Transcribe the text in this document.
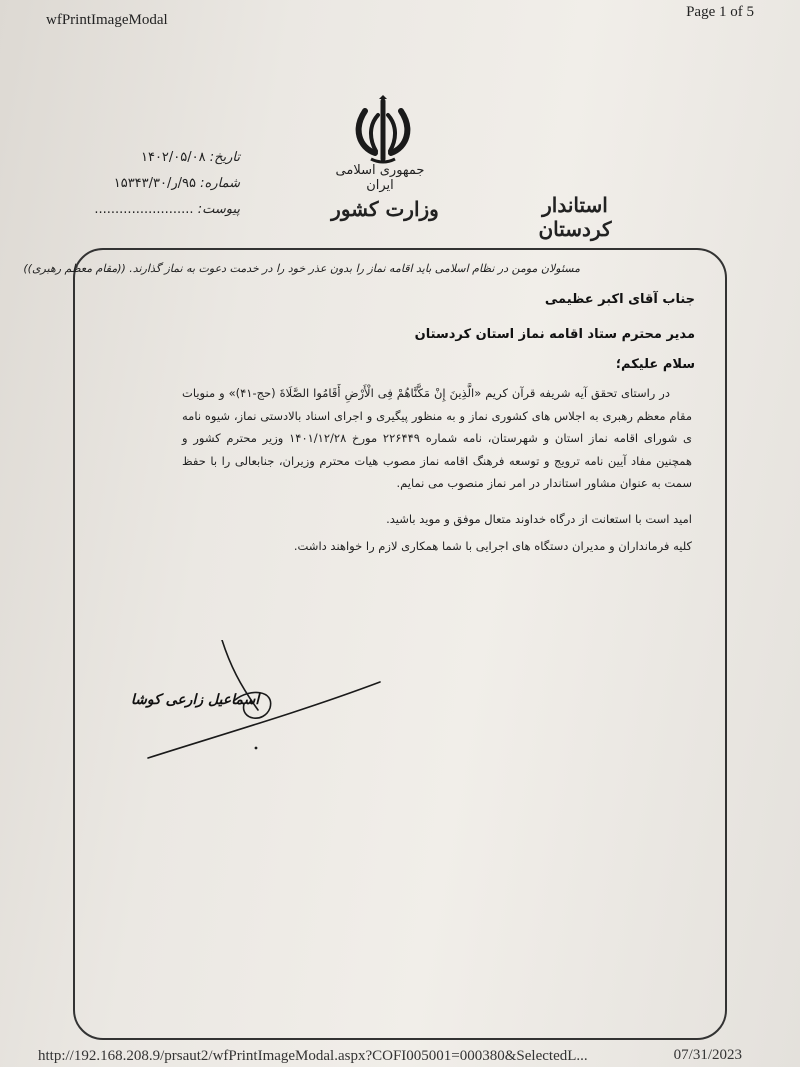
wfPrintImageModal	Page 1 of 5
جمهوری اسلامی ایران
وزارت کشور	استاندار کردستان
تاریخ: ۱۴۰۲/۰۵/۰۸
شماره: ۹۵/ر/۱۵۳۴۳/۳۰
پیوست: ........................
مسئولان مومن در نظام اسلامی باید اقامه نماز را بدون عذر خود را در خدمت دعوت به نماز گذارند. ((مقام معظم رهبری))
جناب آقای اکبر عظیمی
مدیر محترم ستاد اقامه نماز استان کردستان
سلام علیکم؛

در راستای تحقق آیه شریفه قرآن کریم «الَّذِینَ إِنْ مَکَّنَّاهُمْ فِی الْأَرْضِ أَقَامُوا الصَّلَاةَ (حج-۴۱)» و منویات مقام معظم رهبری به اجلاس های کشوری نماز و به منظور پیگیری و اجرای اسناد بالادستی نماز، شیوه نامه ی شورای اقامه نماز استان و شهرستان، نامه شماره ۲۲۶۴۴۹ مورخ ۱۴۰۱/۱۲/۲۸ وزیر محترم کشور و همچنین مفاد آیین نامه ترویج و توسعه فرهنگ اقامه نماز مصوب هیات محترم وزیران، جنابعالی را با حفظ سمت به عنوان مشاور استاندار در امر نماز منصوب می نمایم.

امید است با استعانت از درگاه خداوند متعال موفق و موید باشید.
کلیه فرمانداران و مدیران دستگاه های اجرایی با شما همکاری لازم را خواهند داشت.
اسماعیل زارعی کوشا
http://192.168.208.9/prsaut2/wfPrintImageModal.aspx?COFI005001=000380&SelectedL...	07/31/2023
